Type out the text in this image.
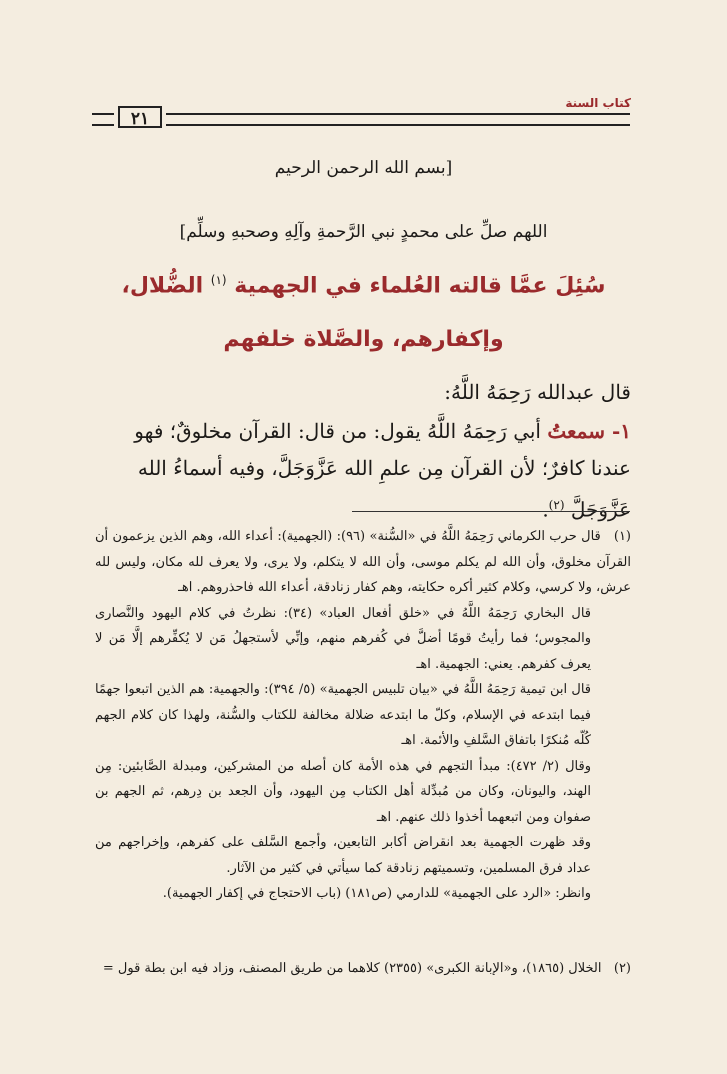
٢١
كتاب السنة
[بسم الله الرحمن الرحيم
اللهم صلِّ على محمدٍ نبي الرَّحمةِ وآلِهِ وصحبهِ وسلِّم]
سُئِلَ عمَّا قالته العُلماء في الجهمية $^{(١)}$ الضُّلال،
وإكفارهم، والصَّلاة خلفهم
قال عبدالله رَحِمَهُ اللَّهُ:
١- سمعتُ أبي رَحِمَهُ اللَّهُ يقول: من قال: القرآن مخلوقٌ؛ فهو عندنا كافرٌ؛ لأن القرآن مِن علمِ الله عَزَّوَجَلَّ، وفيه أسماءُ الله عَزَّوَجَلَّ $^{(٢)}$.

(١)   قال حرب الكرماني رَحِمَهُ اللَّهُ في «السُّنة» (٩٦): (الجهمية): أعداء الله، وهم الذين يزعمون أن القرآن مخلوق، وأن الله لم يكلم موسى، وأن الله لا يتكلم، ولا يرى، ولا يعرف لله مكان، وليس لله عرش، ولا كرسي، وكلام كثير أكره حكايته، وهم كفار زنادقة، أعداء الله فاحذروهم. اهـ

قال البخاري رَحِمَهُ اللَّهُ في «خلق أفعال العباد» (٣٤): نظرتُ في كلام اليهود والنَّصارى والمجوس؛ فما رأيتُ قومًا أضلَّ في كُفرهم منهم، وإنِّي لأستجهلُ مَن لا يُكفِّرهم إلَّا مَن لا يعرف كفرهم. يعني: الجهمية. اهـ

قال ابن تيمية رَحِمَهُ اللَّهُ في «بيان تلبيس الجهمية» (٥/ ٣٩٤): والجهمية: هم الذين اتبعوا جهمًا فيما ابتدعه في الإسلام، وكلّ ما ابتدعه ضلالة مخالفة للكتاب والسُّنة، ولهذا كان كلام الجهم كُلّه مُنكرًا باتفاق السَّلفِ والأئمة. اهـ

وقال (٢/ ٤٧٢): مبدأ التجهم في هذه الأمة كان أصله من المشركين، ومبدلة الصَّابئين: مِن الهند، واليونان، وكان من مُبدِّلة أهل الكتاب مِن اليهود، وأن الجعد بن دِرهم، ثم الجهم بن صفوان ومن اتبعهما أخذوا ذلك عنهم. اهـ

وقد ظهرت الجهمية بعد انقراض أكابر التابعين، وأجمع السَّلف على كفرهم، وإخراجهم من عداد فرق المسلمين، وتسميتهم زنادقة كما سيأتي في كثير من الآثار.

وانظر: «الرد على الجهمية» للدارمي (ص١٨١) (باب الاحتجاج في إكفار الجهمية).

(٢)   الخلال (١٨٦٥)، و«الإبانة الكبرى» (٢٣٥٥) كلاهما من طريق المصنف، وزاد فيه ابن بطة قول =
